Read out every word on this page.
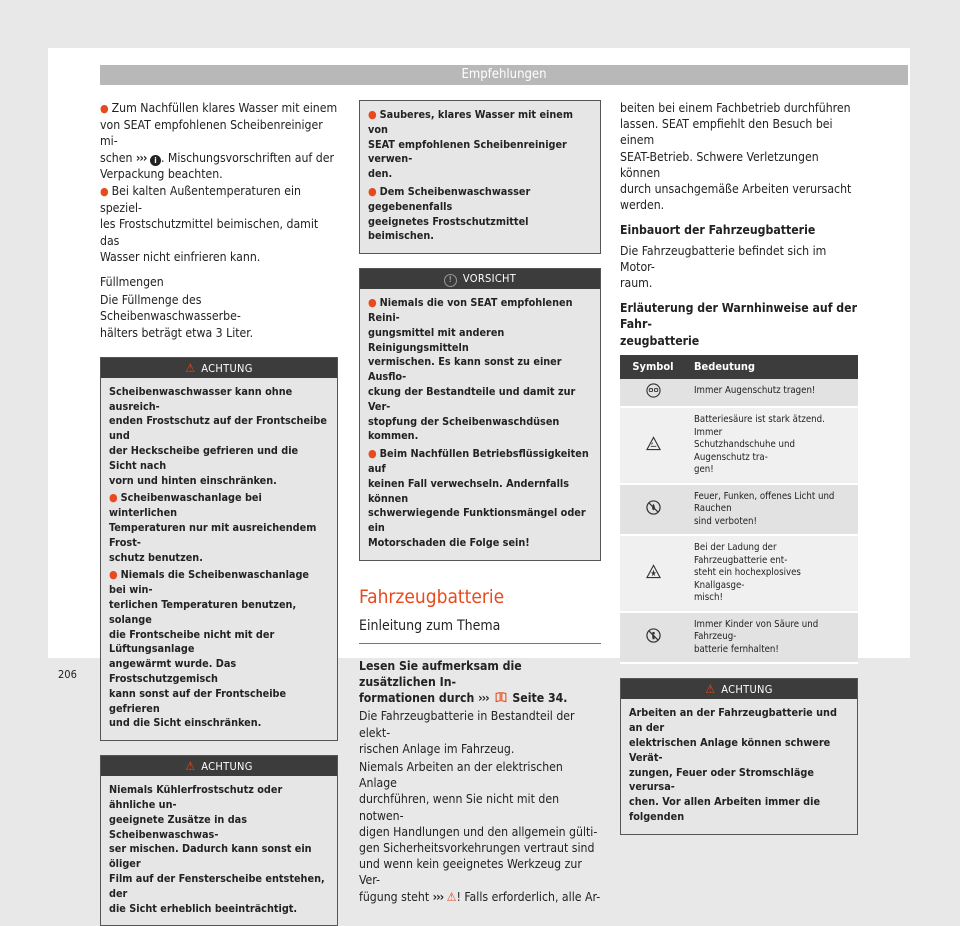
Empfehlungen
● Zum Nachfüllen klares Wasser mit einem
von SEAT empfohlenen Scheibenreiniger mi-
schen ››› i . Mischungsvorschriften auf der
Verpackung beachten.
● Bei kalten Außentemperaturen ein speziel-
les Frostschutzmittel beimischen, damit das
Wasser nicht einfrieren kann.
Füllmengen

Die Füllmenge des Scheibenwaschwasserbe-
hälters beträgt etwa 3 Liter.

⚠ ACHTUNG
Scheibenwaschwasser kann ohne ausreich-
enden Frostschutz auf der Frontscheibe und
der Heckscheibe gefrieren und die Sicht nach
vorn und hinten einschränken.
● Scheibenwaschanlage bei winterlichen
Temperaturen nur mit ausreichendem Frost-
schutz benutzen.
● Niemals die Scheibenwaschanlage bei win-
terlichen Temperaturen benutzen, solange
die Frontscheibe nicht mit der Lüftungsanlage
angewärmt wurde. Das Frostschutzgemisch
kann sonst auf der Frontscheibe gefrieren
und die Sicht einschränken.
⚠ ACHTUNG
Niemals Kühlerfrostschutz oder ähnliche un-
geeignete Zusätze in das Scheibenwaschwas-
ser mischen. Dadurch kann sonst ein öliger
Film auf der Fensterscheibe entstehen, der
die Sicht erheblich beeinträchtigt.
● Sauberes, klares Wasser mit einem von
SEAT empfohlenen Scheibenreiniger verwen-
den.
● Dem Scheibenwaschwasser gegebenenfalls
geeignetes Frostschutzmittel beimischen.
! VORSICHT
● Niemals die von SEAT empfohlenen Reini-
gungsmittel mit anderen Reinigungsmitteln
vermischen. Es kann sonst zu einer Ausflo-
ckung der Bestandteile und damit zur Ver-
stopfung der Scheibenwaschdüsen kommen.
● Beim Nachfüllen Betriebsflüssigkeiten auf
keinen Fall verwechseln. Andernfalls können
schwerwiegende Funktionsmängel oder ein
Motorschaden die Folge sein!
Fahrzeugbatterie
Einleitung zum Thema

Lesen Sie aufmerksam die zusätzlichen In-
formationen durch ››› Seite 34.

Die Fahrzeugbatterie in Bestandteil der elekt-
rischen Anlage im Fahrzeug.

Niemals Arbeiten an der elektrischen Anlage
durchführen, wenn Sie nicht mit den notwen-
digen Handlungen und den allgemein gülti-
gen Sicherheitsvorkehrungen vertraut sind
und wenn kein geeignetes Werkzeug zur Ver-
fügung steht ››› ⚠! Falls erforderlich, alle Ar-

beiten bei einem Fachbetrieb durchführen
lassen. SEAT empfiehlt den Besuch bei einem
SEAT-Betrieb. Schwere Verletzungen können
durch unsachgemäße Arbeiten verursacht
werden.

Einbauort der Fahrzeugbatterie

Die Fahrzeugbatterie befindet sich im Motor-
raum.

Erläuterung der Warnhinweise auf der Fahr-
zeugbatterie
Symbol	Bedeutung
	Immer Augenschutz tragen!
	Batteriesäure ist stark ätzend. Immer
Schutzhandschuhe und Augenschutz tra-
gen!
	Feuer, Funken, offenes Licht und Rauchen
sind verboten!
	Bei der Ladung der Fahrzeugbatterie ent-
steht ein hochexplosives Knallgasge-
misch!
	Immer Kinder von Säure und Fahrzeug-
batterie fernhalten!
⚠ ACHTUNG
Arbeiten an der Fahrzeugbatterie und an der
elektrischen Anlage können schwere Verät-
zungen, Feuer oder Stromschläge verursa-
chen. Vor allen Arbeiten immer die folgenden
206
